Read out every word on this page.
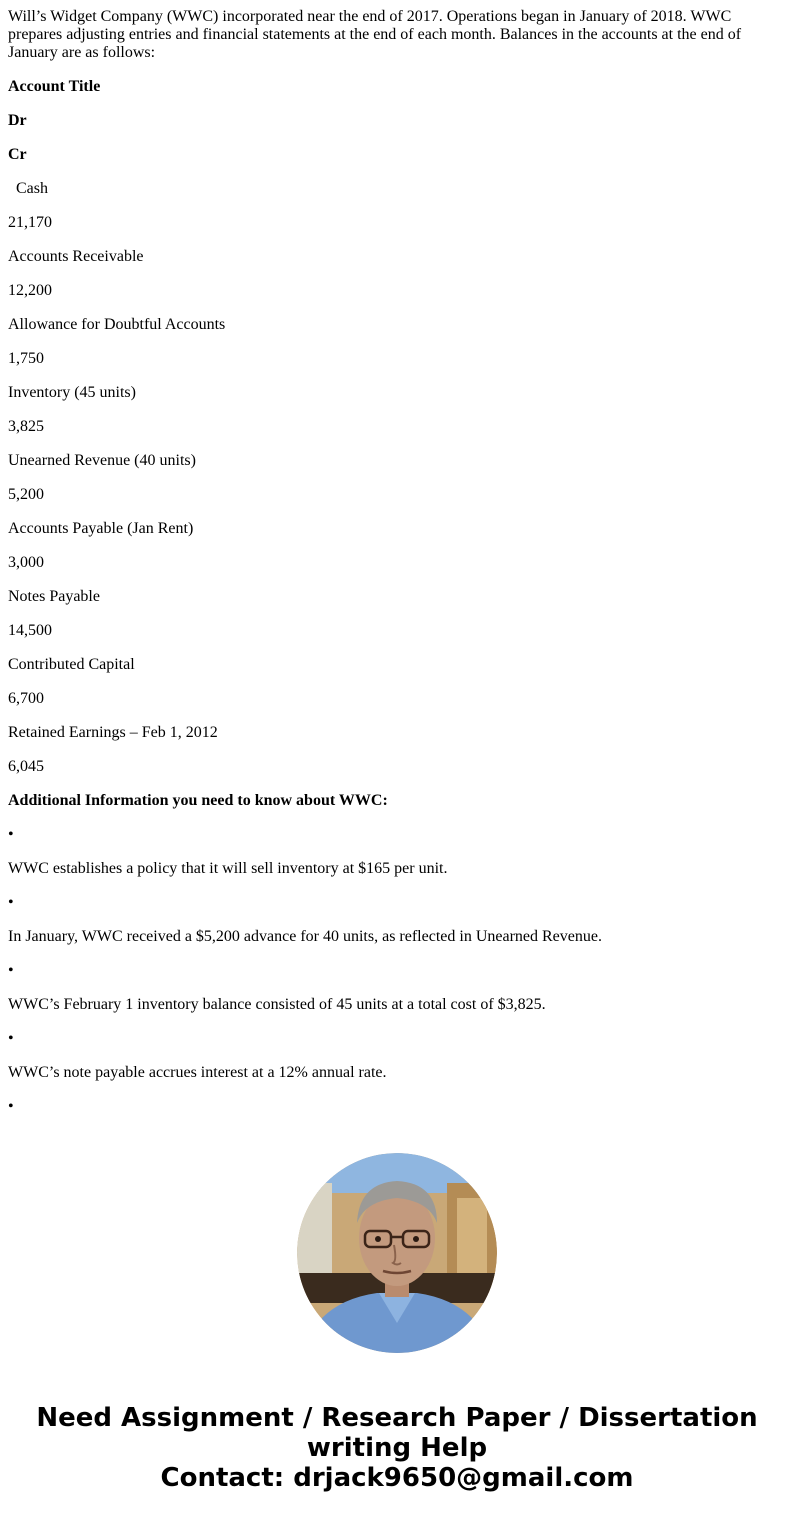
Will’s Widget Company (WWC) incorporated near the end of 2017. Operations began in January of 2018. WWC prepares adjusting entries and financial statements at the end of each month. Balances in the accounts at the end of January are as follows:

Account Title

Dr

Cr

Cash

21,170

Accounts Receivable

12,200

Allowance for Doubtful Accounts

1,750

Inventory (45 units)

3,825

Unearned Revenue (40 units)

5,200

Accounts Payable (Jan Rent)

3,000

Notes Payable

14,500

Contributed Capital

6,700

Retained Earnings – Feb 1, 2012

6,045

Additional Information you need to know about WWC:

•

WWC establishes a policy that it will sell inventory at $165 per unit.

•

In January, WWC received a $5,200 advance for 40 units, as reflected in Unearned Revenue.

•

WWC’s February 1 inventory balance consisted of 45 units at a total cost of $3,825.

•

WWC’s note payable accrues interest at a 12% annual rate.

•

Need Assignment / Research Paper / Dissertation
writing Help
Contact: drjack9650@gmail.com
